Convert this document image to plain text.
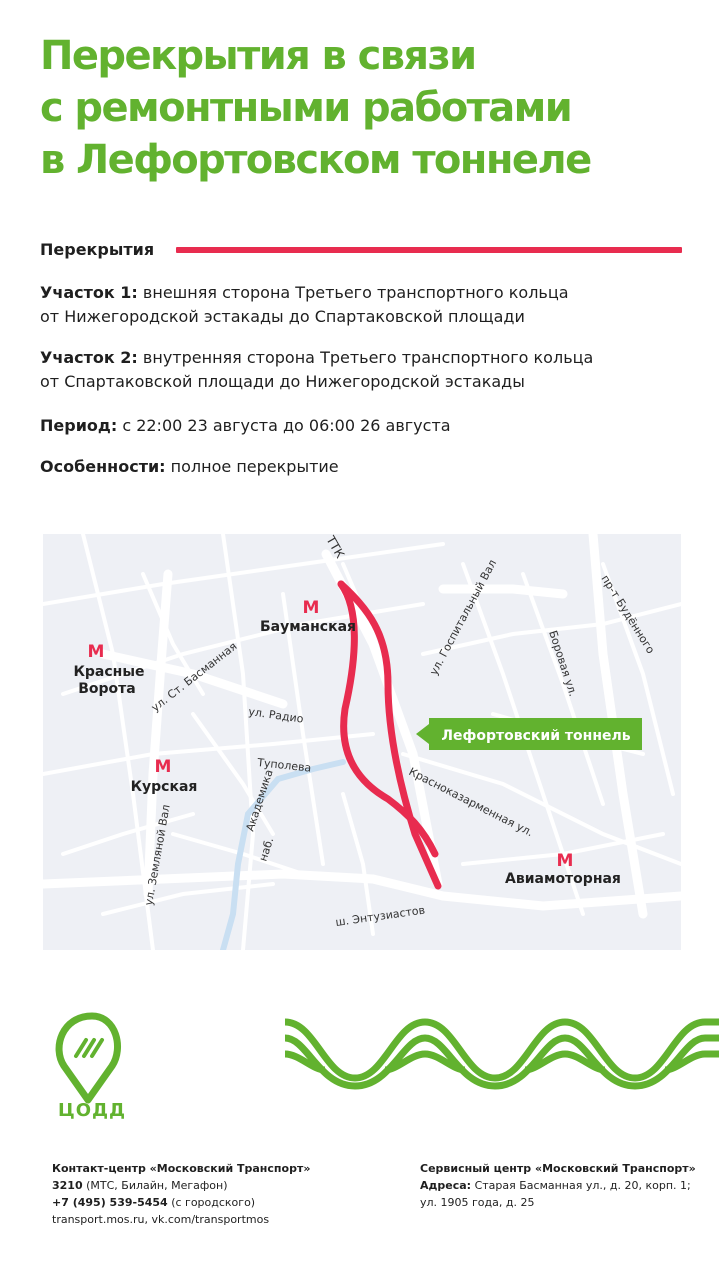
Перекрытия в связи
с ремонтными работами
в Лефортовском тоннеле
Перекрытия
Участок 1: внешняя сторона Третьего транспортного кольца
от Нижегородской эстакады до Спартаковской площади
Участок 2: внутренняя сторона Третьего транспортного кольца
от Спартаковской площади до Нижегородской эстакады
Период: с 22:00 23 августа до 06:00 26 августа
Особенности: полное перекрытие
ТТК
М
Бауманская
М
Красные
Ворота
М
Курская
М
Авиамоторная
ул. Ст. Басманная
ул. Радио
Туполева
Академика
наб.
ул. Земляной Вал
ул. Госпитальный Вал	Боровая ул.
пр-т Будённого
Красноказарменная ул.
ш. Энтузиастов
Лефортовский тоннель
ЦОДД
Контакт-центр «Московский Транспорт»
3210 (МТС, Билайн, Мегафон)
+7 (495) 539-5454 (с городского)
transport.mos.ru, vk.com/transportmos
Сервисный центр «Московский Транспорт»
Адреса: Старая Басманная ул., д. 20, корп. 1;
ул. 1905 года, д. 25
